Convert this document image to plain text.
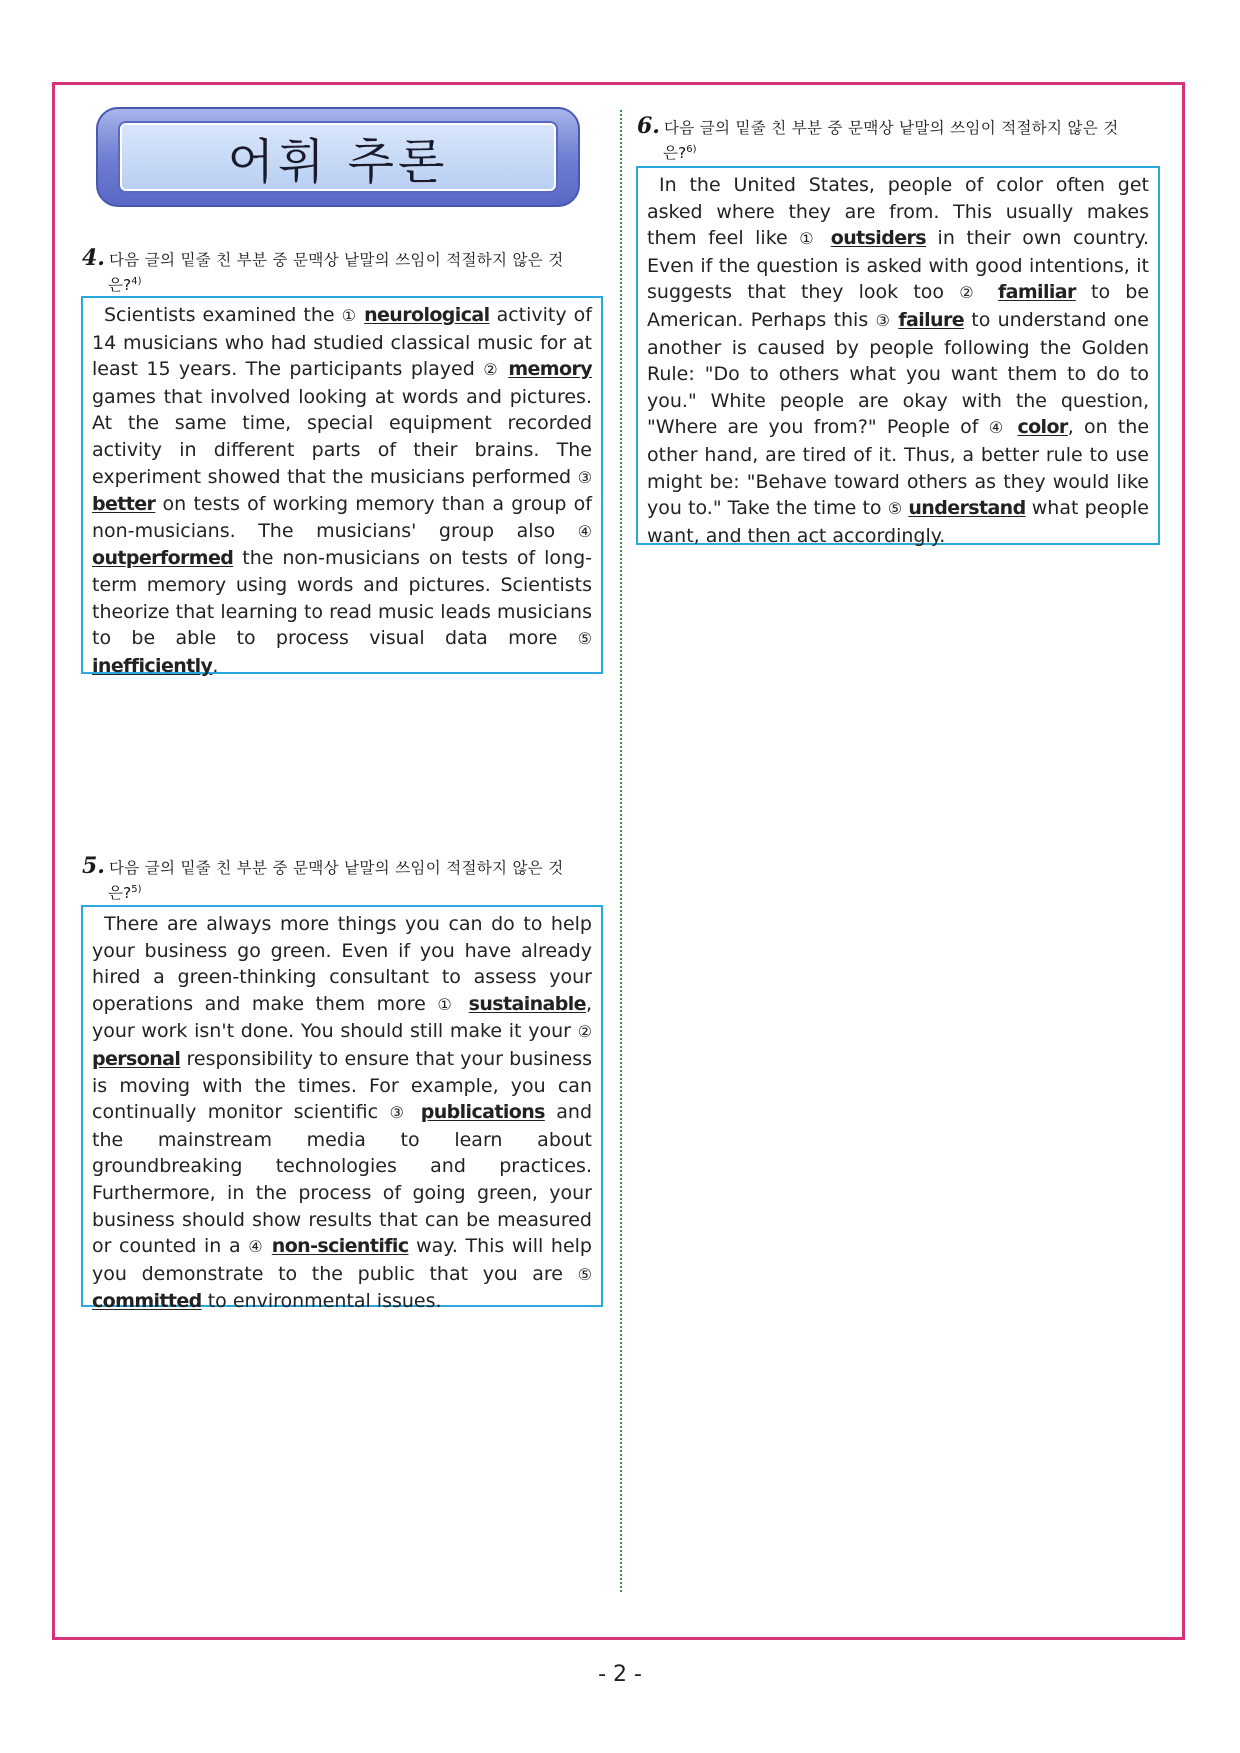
어휘 추론
4. 다음 글의 밑줄 친 부분 중 문맥상 낱말의 쓰임이 적절하지 않은 것
은?$^{4)}$

Scientists examined the ① neurological activity of 14 musicians who had studied classical music for at least 15 years. The participants played ② memory games that involved looking at words and pictures. At the same time, special equipment recorded activity in different parts of their brains. The experiment showed that the musicians performed ③ better on tests of working memory than a group of non-musicians. The musicians' group also ④ outperformed the non-musicians on tests of long-term memory using words and pictures. Scientists theorize that learning to read music leads musicians to be able to process visual data more ⑤ inefficiently.

5. 다음 글의 밑줄 친 부분 중 문맥상 낱말의 쓰임이 적절하지 않은 것
은?$^{5)}$

There are always more things you can do to help your business go green. Even if you have already hired a green-thinking consultant to assess your operations and make them more ① sustainable, your work isn't done. You should still make it your ② personal responsibility to ensure that your business is moving with the times. For example, you can continually monitor scientific ③ publications and the mainstream media to learn about groundbreaking technologies and practices. Furthermore, in the process of going green, your business should show results that can be measured or counted in a ④ non-scientific way. This will help you demonstrate to the public that you are ⑤ committed to environmental issues.

6. 다음 글의 밑줄 친 부분 중 문맥상 낱말의 쓰임이 적절하지 않은 것
은?$^{6)}$

In the United States, people of color often get asked where they are from. This usually makes them feel like ① outsiders in their own country. Even if the question is asked with good intentions, it suggests that they look too ② familiar to be American. Perhaps this ③ failure to understand one another is caused by people following the Golden Rule: "Do to others what you want them to do to you." White people are okay with the question, "Where are you from?" People of ④ color, on the other hand, are tired of it. Thus, a better rule to use might be: "Behave toward others as they would like you to." Take the time to ⑤ understand what people want, and then act accordingly.

- 2 -
